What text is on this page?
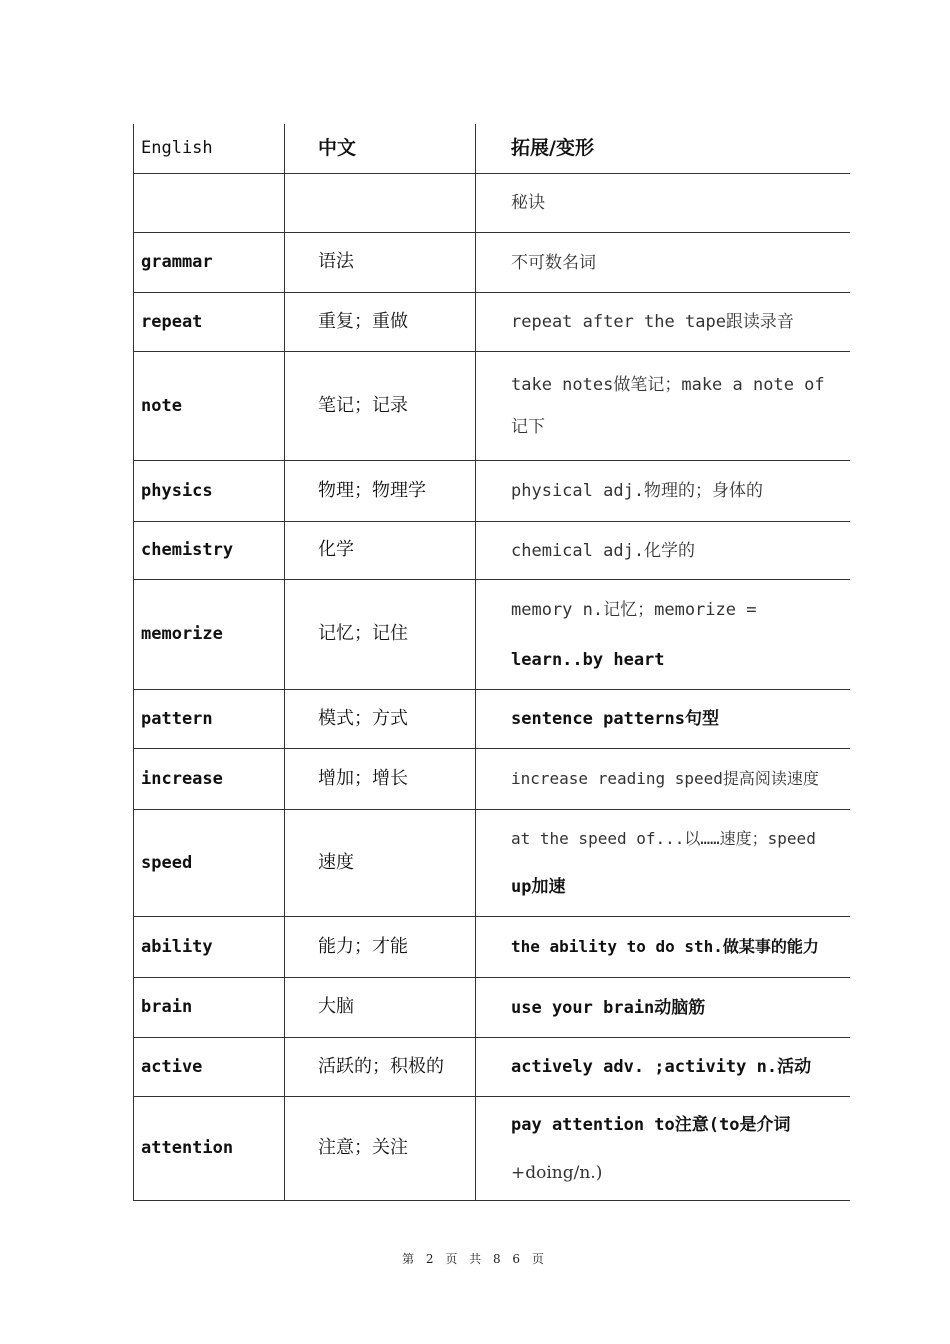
English	中文	拓展/变形

		秘诀

grammar	语法	不可数名词

repeat	重复；重做	repeat after the tape跟读录音

note	笔记；记录	take notes做笔记；make a note of
记下

physics	物理；物理学	physical adj.物理的；身体的

chemistry	化学	chemical adj.化学的

memorize	记忆；记住	memory n.记忆；memorize =
learn..by heart

pattern	模式；方式	sentence patterns句型

increase	增加；增长	increase reading speed提高阅读速度

speed	速度	at the speed of...以……速度；speed
up加速

ability	能力；才能	the ability to do sth.做某事的能力

brain	大脑	use your brain动脑筋

active	活跃的；积极的	actively adv. ;activity n.活动

attention	注意；关注	pay attention to注意(to是介词
+doing/n.)
第 2 页 共 8 6 页
